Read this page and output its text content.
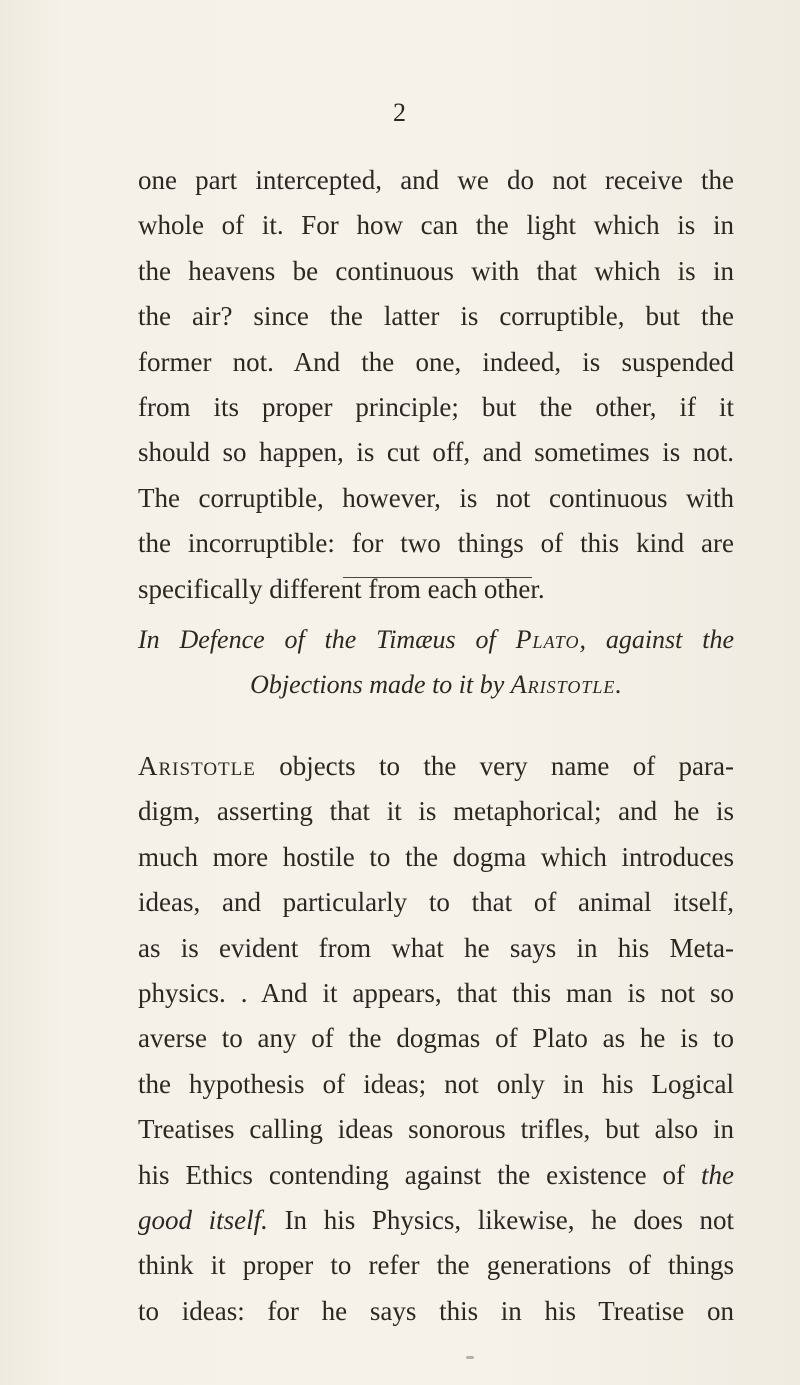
2
one part intercepted, and we do not receive the
whole of it. For how can the light which is in
the heavens be continuous with that which is in
the air? since the latter is corruptible, but the
former not. And the one, indeed, is suspended
from its proper principle; but the other, if it
should so happen, is cut off, and sometimes is not.
The corruptible, however, is not continuous with
the incorruptible: for two things of this kind are
specifically different from each other.
In Defence of the Timæus of Plato, against the
Objections made to it by Aristotle.
Aristotle objects to the very name of para-
digm, asserting that it is metaphorical; and he is
much more hostile to the dogma which introduces
ideas, and particularly to that of animal itself,
as is evident from what he says in his Meta-
physics. . And it appears, that this man is not so
averse to any of the dogmas of Plato as he is to
the hypothesis of ideas; not only in his Logical
Treatises calling ideas sonorous trifles, but also in
his Ethics contending against the existence of the
good itself. In his Physics, likewise, he does not
think it proper to refer the generations of things
to ideas: for he says this in his Treatise on
